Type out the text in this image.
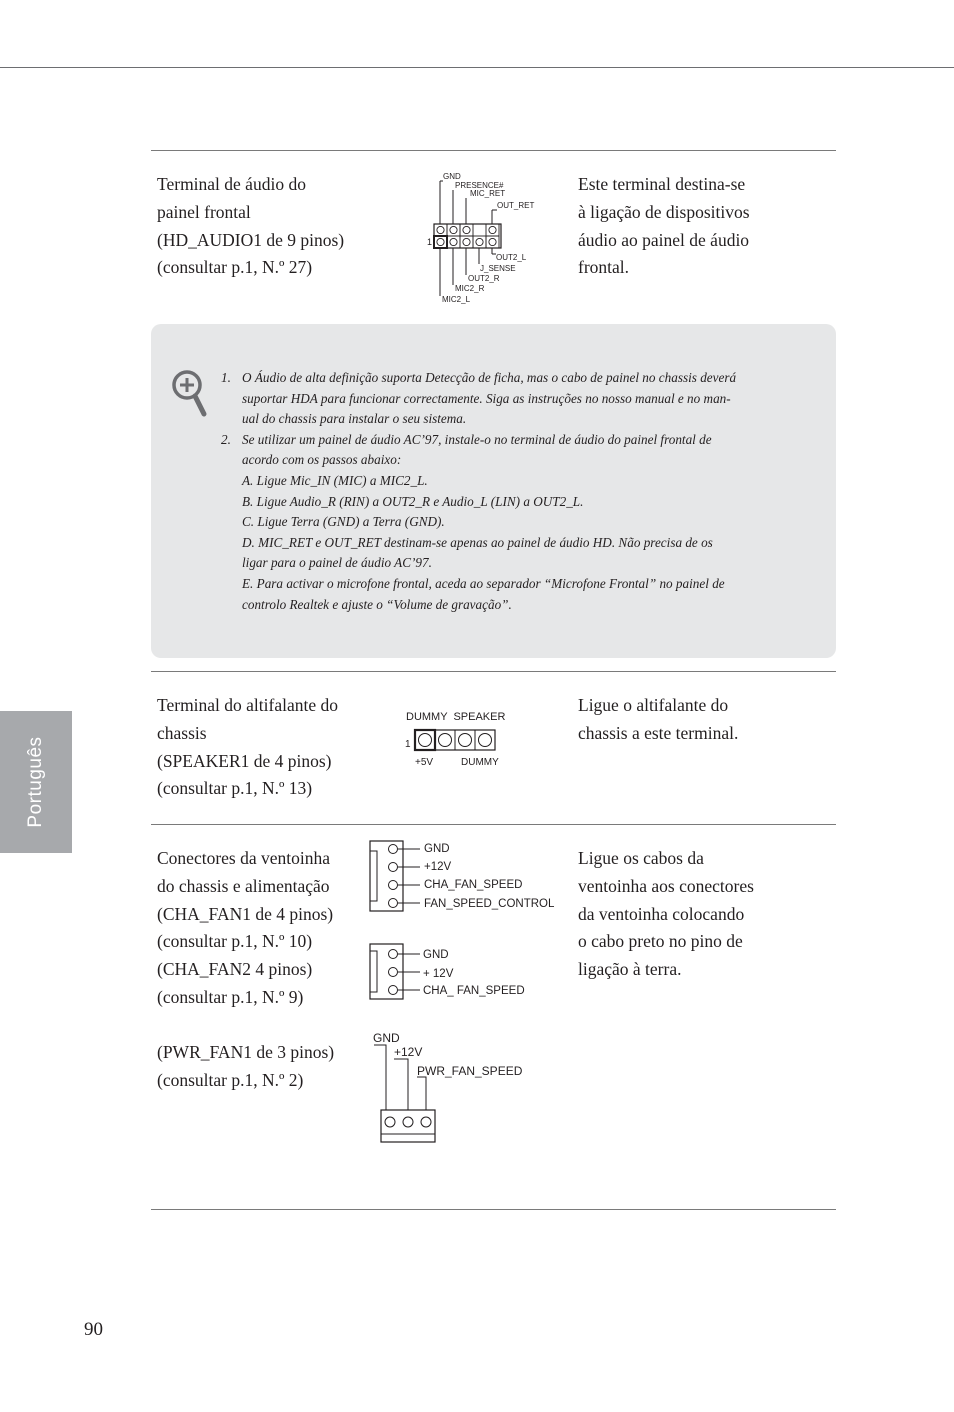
Terminal de áudio do
painel frontal
(HD_AUDIO1 de 9 pinos)
(consultar p.1, N.º 27)
GND
PRESENCE#
MIC_RET
OUT_RET
1
OUT2_L
J_SENSE
OUT2_R
MIC2_R
MIC2_L
Este terminal destina-se
à ligação de dispositivos
áudio ao painel de áudio
frontal.
1. O Áudio de alta definição suporta Detecção de ficha, mas o cabo de painel no chassis deverá
suportar HDA para funcionar correctamente. Siga as instruções no nosso manual e no man-
ual do chassis para instalar o seu sistema.
2. Se utilizar um painel de áudio AC’97, instale-o no terminal de áudio do painel frontal de
acordo com os passos abaixo:
A. Ligue Mic_IN (MIC) a MIC2_L.
B. Ligue Audio_R (RIN) a OUT2_R e Audio_L (LIN) a OUT2_L.
C. Ligue Terra (GND) a Terra (GND).
D. MIC_RET e OUT_RET destinam-se apenas ao painel de áudio HD. Não precisa de os
ligar para o painel de áudio AC’97.
E. Para activar o microfone frontal, aceda ao separador “Microfone Frontal” no painel de
controlo Realtek e ajuste o “Volume de gravação”.
Terminal do altifalante do
chassis
(SPEAKER1 de 4 pinos)
(consultar p.1, N.º 13)
DUMMY  SPEAKER
1
+5V	DUMMY
Ligue o altifalante do
chassis a este terminal.
Português
Conectores da ventoinha
do chassis e alimentação
(CHA_FAN1 de 4 pinos)
(consultar p.1, N.º 10)
(CHA_FAN2 4 pinos)
(consultar p.1, N.º 9)
(PWR_FAN1 de 3 pinos)
(consultar p.1, N.º 2)
GND
+12V
CHA_FAN_SPEED
FAN_SPEED_CONTROL
GND
+ 12V
CHA_ FAN_SPEED
GND
+12V
PWR_FAN_SPEED
Ligue os cabos da
ventoinha aos conectores
da ventoinha colocando
o cabo preto no pino de
ligação à terra.
90
